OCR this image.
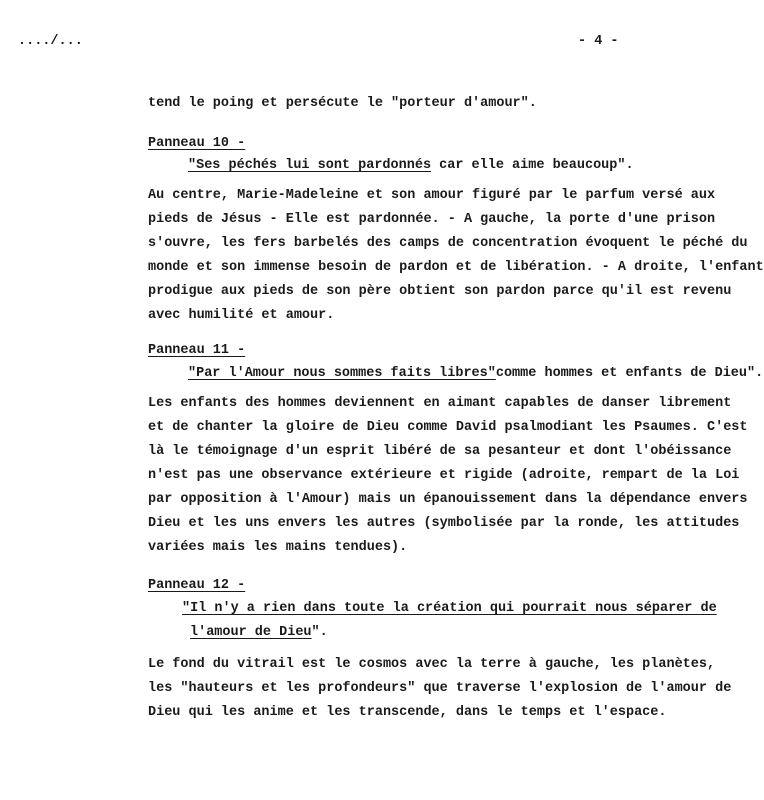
..../...	- 4 -
tend le poing et persécute le "porteur d'amour".
Panneau 10 -
"Ses péchés lui sont pardonnés car elle aime beaucoup".
Au centre, Marie-Madeleine et son amour figuré par le parfum versé aux
pieds de Jésus - Elle est pardonnée. - A gauche, la porte d'une prison
s'ouvre, les fers barbelés des camps de concentration évoquent le péché du
monde et son immense besoin de pardon et de libération. - A droite, l'enfant
prodigue aux pieds de son père obtient son pardon parce qu'il est revenu
avec humilité et amour.
Panneau 11 -
"Par l'Amour nous sommes faits libres"comme hommes et enfants de Dieu".
Les enfants des hommes deviennent en aimant capables de danser librement
et de chanter la gloire de Dieu comme David psalmodiant les Psaumes. C'est
là le témoignage d'un esprit libéré de sa pesanteur et dont l'obéissance
n'est pas une observance extérieure et rigide (adroite, rempart de la Loi
par opposition à l'Amour) mais un épanouissement dans la dépendance envers
Dieu et les uns envers les autres (symbolisée par la ronde, les attitudes
variées mais les mains tendues).
Panneau 12 -
"Il n'y a rien dans toute la création qui pourrait nous séparer de
l'amour de Dieu".
Le fond du vitrail est le cosmos avec la terre à gauche, les planètes,
les "hauteurs et les profondeurs" que traverse l'explosion de l'amour de
Dieu qui les anime et les transcende, dans le temps et l'espace.
